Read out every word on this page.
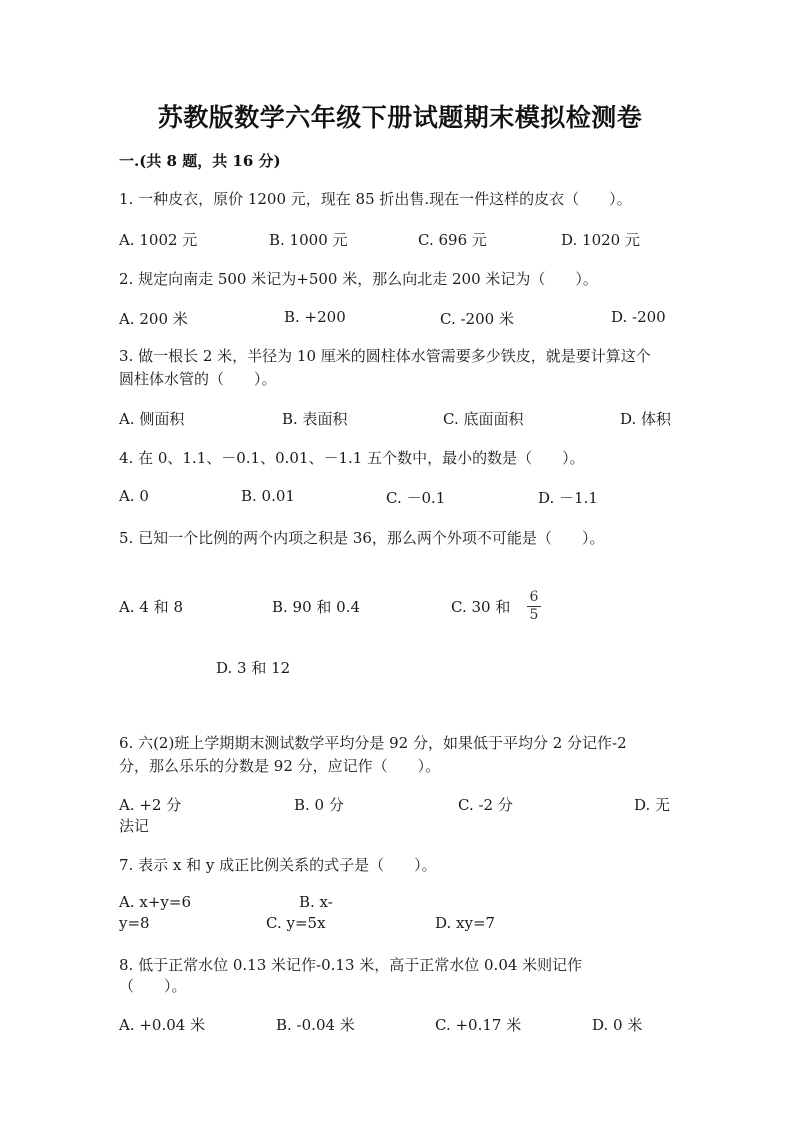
苏教版数学六年级下册试题期末模拟检测卷
一.(共 8 题，共 16 分)
1. 一种皮衣，原价 1200 元，现在 85 折出售.现在一件这样的皮衣（　　）。
A. 1002 元	B. 1000 元	C. 696 元	D. 1020 元
2. 规定向南走 500 米记为+500 米，那么向北走 200 米记为（　　）。
A. 200 米	B. +200	C. -200 米	D. -200
3. 做一根长 2 米，半径为 10 厘米的圆柱体水管需要多少铁皮，就是要计算这个
圆柱体水管的（　　）。
A. 侧面积	B. 表面积	C. 底面面积	D. 体积
4. 在 0、1.1、－0.1、0.01、－1.1 五个数中，最小的数是（　　）。
A. 0	B. 0.01	C. －0.1	D. －1.1
5. 已知一个比例的两个内项之积是 36，那么两个外项不可能是（　　）。
A. 4 和 8	B. 90 和 0.4	C. 30 和
6
5
D. 3 和 12
6. 六(2)班上学期期末测试数学平均分是 92 分，如果低于平均分 2 分记作-2
分，那么乐乐的分数是 92 分，应记作（　　）。
A. +2 分	B. 0 分	C. -2 分	D. 无
法记
7. 表示 x 和 y 成正比例关系的式子是（　　）。
A. x+y=6	B. x-
y=8	C. y=5x	D. xy=7
8. 低于正常水位 0.13 米记作-0.13 米，高于正常水位 0.04 米则记作
（　　）。
A. +0.04 米	B. -0.04 米	C. +0.17 米	D. 0 米
